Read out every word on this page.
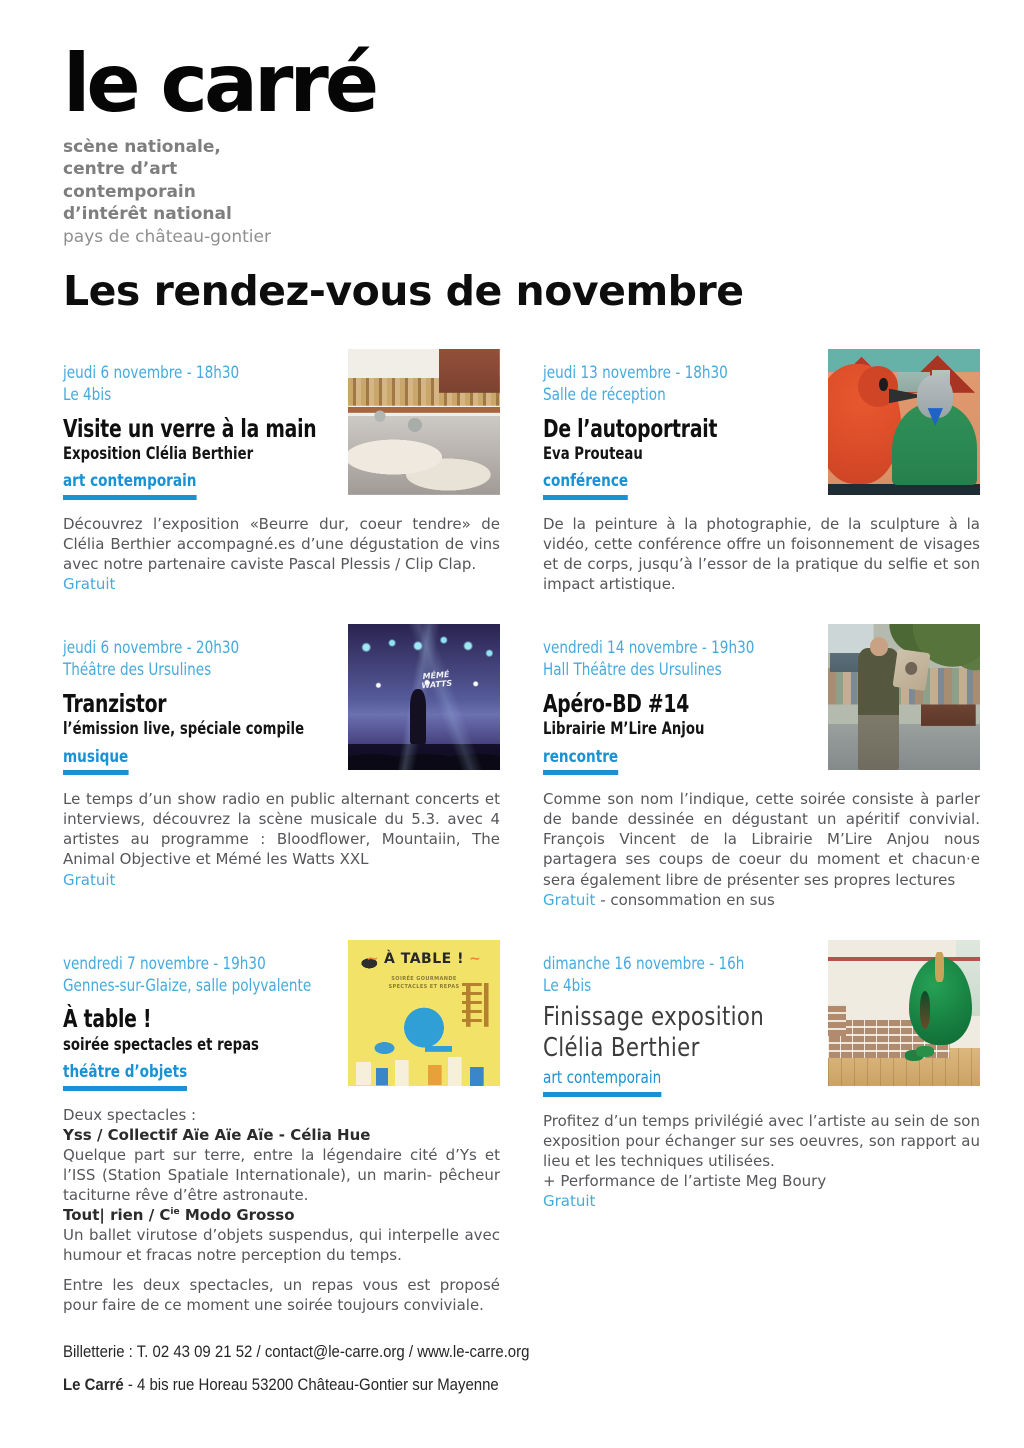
le carré
scène nationale,
centre d’art
contemporain
d’intérêt national
pays de château-gontier
Les rendez-vous de novembre
jeudi 6 novembre - 18h30
Le 4bis
Visite un verre à la main
Exposition Clélia Berthier
art contemporain

Découvrez l’exposition «Beurre dur, coeur tendre» de Clélia Berthier accompagné.es d’une dégustation de vins avec notre partenaire caviste Pascal Plessis / Clip Clap.

Gratuit

jeudi 13 novembre - 18h30
Salle de réception
De l’autoportrait
Eva Prouteau
conférence

De la peinture à la photographie, de la sculpture à la vidéo, cette conférence offre un foisonnement de visages et de corps, jusqu’à l’essor de la pratique du selfie et son impact artistique.

jeudi 6 novembre - 20h30
Théâtre des Ursulines
Tranzistor
l’émission live, spéciale compile
musique
MÉMÉ
WATTS

Le temps d’un show radio en public alternant concerts et interviews, découvrez la scène musicale du 5.3. avec 4 artistes au programme : Bloodflower, Mountaiin, The Animal Objective et Mémé les Watts XXL

Gratuit

vendredi 14 novembre - 19h30
Hall Théâtre des Ursulines
Apéro-BD #14
Librairie M’Lire Anjou
rencontre

Comme son nom l’indique, cette soirée consiste à parler de bande dessinée en dégustant un apéritif convivial. François Vincent de la Librairie M’Lire Anjou nous partagera ses coups de coeur du moment et chacun·e sera également libre de présenter ses propres lectures

Gratuit - consommation en sus

vendredi 7 novembre - 19h30
Gennes-sur-Glaize, salle polyvalente
À table !
soirée spectacles et repas
théâtre d’objets
∼ À TABLE ! ∼
SOIRÉE GOURMANDE
SPECTACLES ET REPAS

Deux spectacles :

Yss / Collectif Aïe Aïe Aïe - Célia Hue

Quelque part sur terre, entre la légendaire cité d’Ys et l’ISS (Station Spatiale Internationale), un marin- pêcheur taciturne rêve d’être astronaute.

Tout| rien / $C^{ie}$ Modo Grosso

Un ballet virutose d’objets suspendus, qui interpelle avec humour et fracas notre perception du temps.

Entre les deux spectacles, un repas vous est proposé pour faire de ce moment une soirée toujours conviviale.

dimanche 16 novembre - 16h
Le 4bis
Finissage exposition
Clélia Berthier
art contemporain

Profitez d’un temps privilégié avec l’artiste au sein de son exposition pour échanger sur ses oeuvres, son rapport au lieu et les techniques utilisées.

+ Performance de l’artiste Meg Boury

Gratuit

Billetterie : T. 02 43 09 21 52 / contact@le-carre.org / www.le-carre.org
Le Carré - 4 bis rue Horeau 53200 Château-Gontier sur Mayenne
